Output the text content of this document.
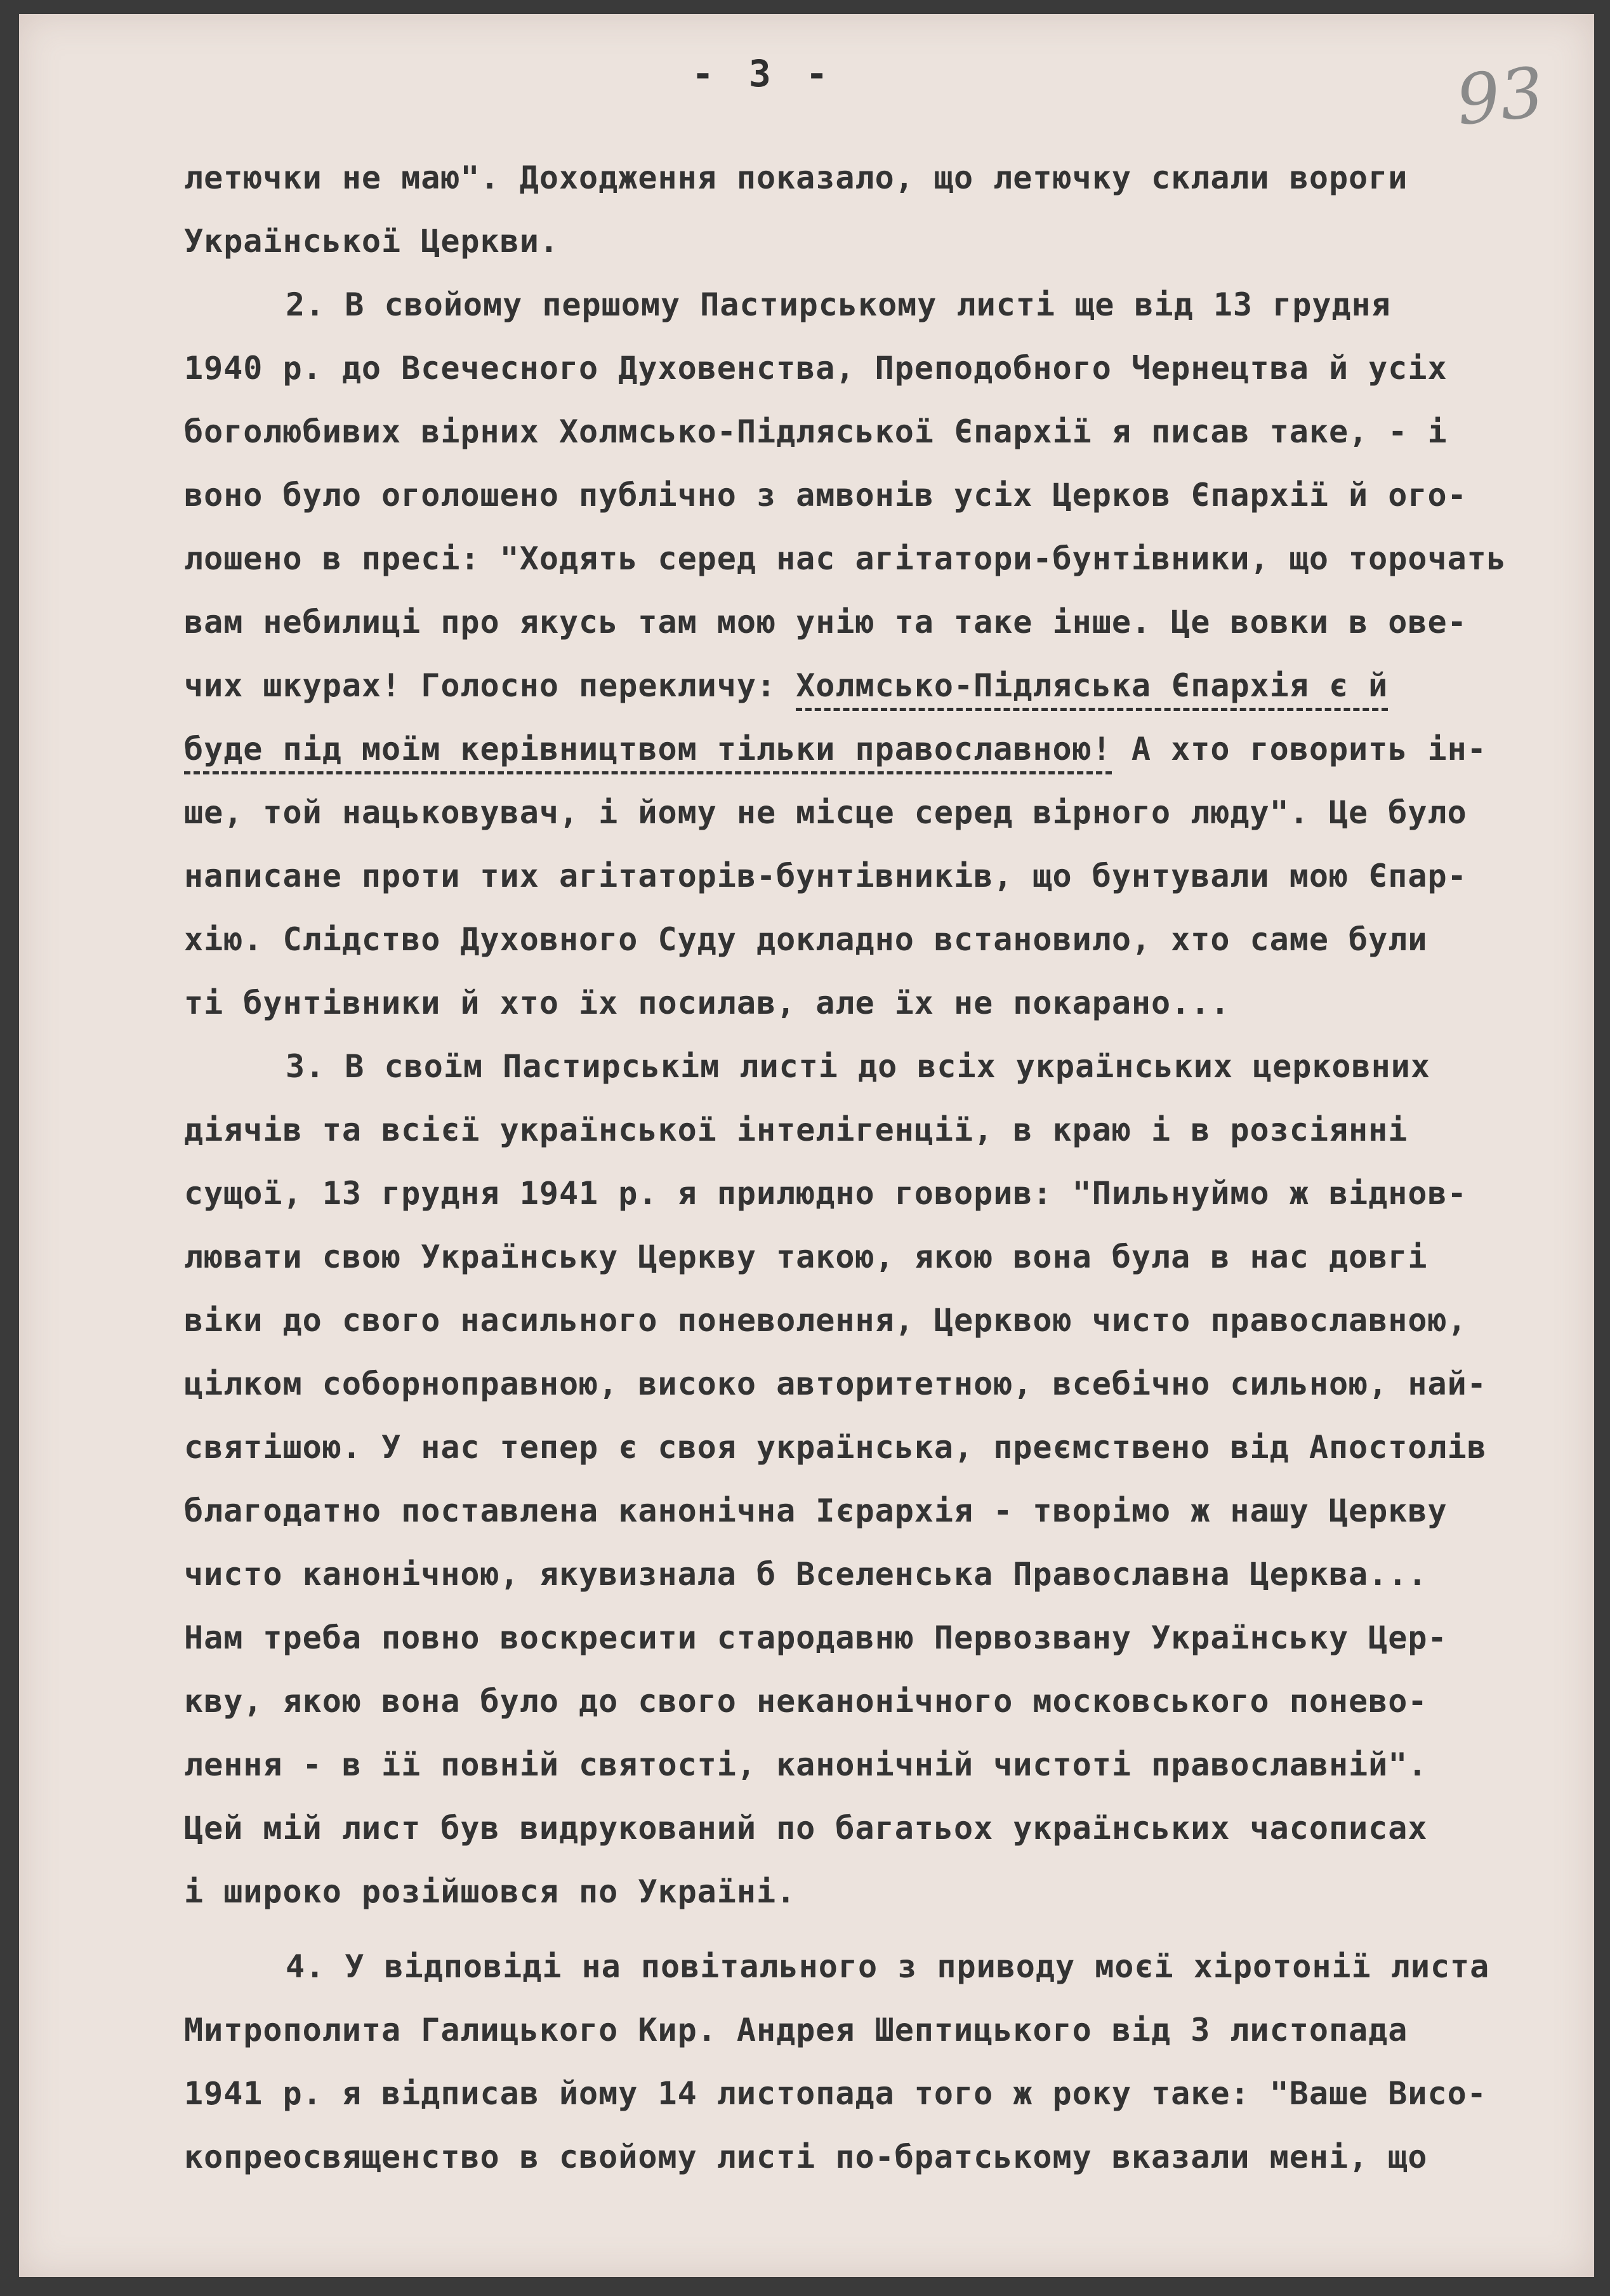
- 3 -	93
летючки не маю". Доходження показало, що летючку склали вороги
Української Церкви.
2. В свойому першому Пастирському листі ще від 13 грудня
1940 р. до Всечесного Духовенства, Преподобного Чернецтва й усіх
боголюбивих вірних Холмсько-Підляської Єпархії я писав таке, - і
воно було оголошено публічно з амвонів усіх Церков Єпархії й ого-
лошено в пресі: "Ходять серед нас агітатори-бунтівники, що торочать
вам небилиці про якусь там мою унію та таке інше. Це вовки в ове-
чих шкурах! Голосно перекличу: Холмсько-Підляська Єпархія є й
буде під моїм керівництвом тільки православною! А хто говорить ін-
ше, той нацьковувач, і йому не місце серед вірного люду". Це було
написане проти тих агітаторів-бунтівників, що бунтували мою Єпар-
хію. Слідство Духовного Суду докладно встановило, хто саме були
ті бунтівники й хто їх посилав, але їх не покарано...
3. В своїм Пастирськім листі до всіх українських церковних
діячів та всієї української інтелігенції, в краю і в розсіянні
сущої, 13 грудня 1941 р. я прилюдно говорив: "Пильнуймо ж віднов-
лювати свою Українську Церкву такою, якою вона була в нас довгі
віки до свого насильного поневолення, Церквою чисто православною,
цілком соборноправною, високо авторитетною, всебічно сильною, най-
святішою. У нас тепер є своя українська, преємствено від Апостолів
благодатно поставлена канонічна Ієрархія - творімо ж нашу Церкву
чисто канонічною, якувизнала б Вселенська Православна Церква...
Нам треба повно воскресити стародавню Первозвану Українську Цер-
кву, якою вона було до свого неканонічного московського понево-
лення - в її повній святості, канонічній чистоті православній".
Цей мій лист був видрукований по багатьох українських часописах
і широко розійшовся по Україні.
4. У відповіді на повітального з приводу моєї хіротонії листа
Митрополита Галицького Кир. Андрея Шептицького від 3 листопада
1941 р. я відписав йому 14 листопада того ж року таке: "Ваше Висо-
копреосвященство в свойому листі по-братському вказали мені, що
